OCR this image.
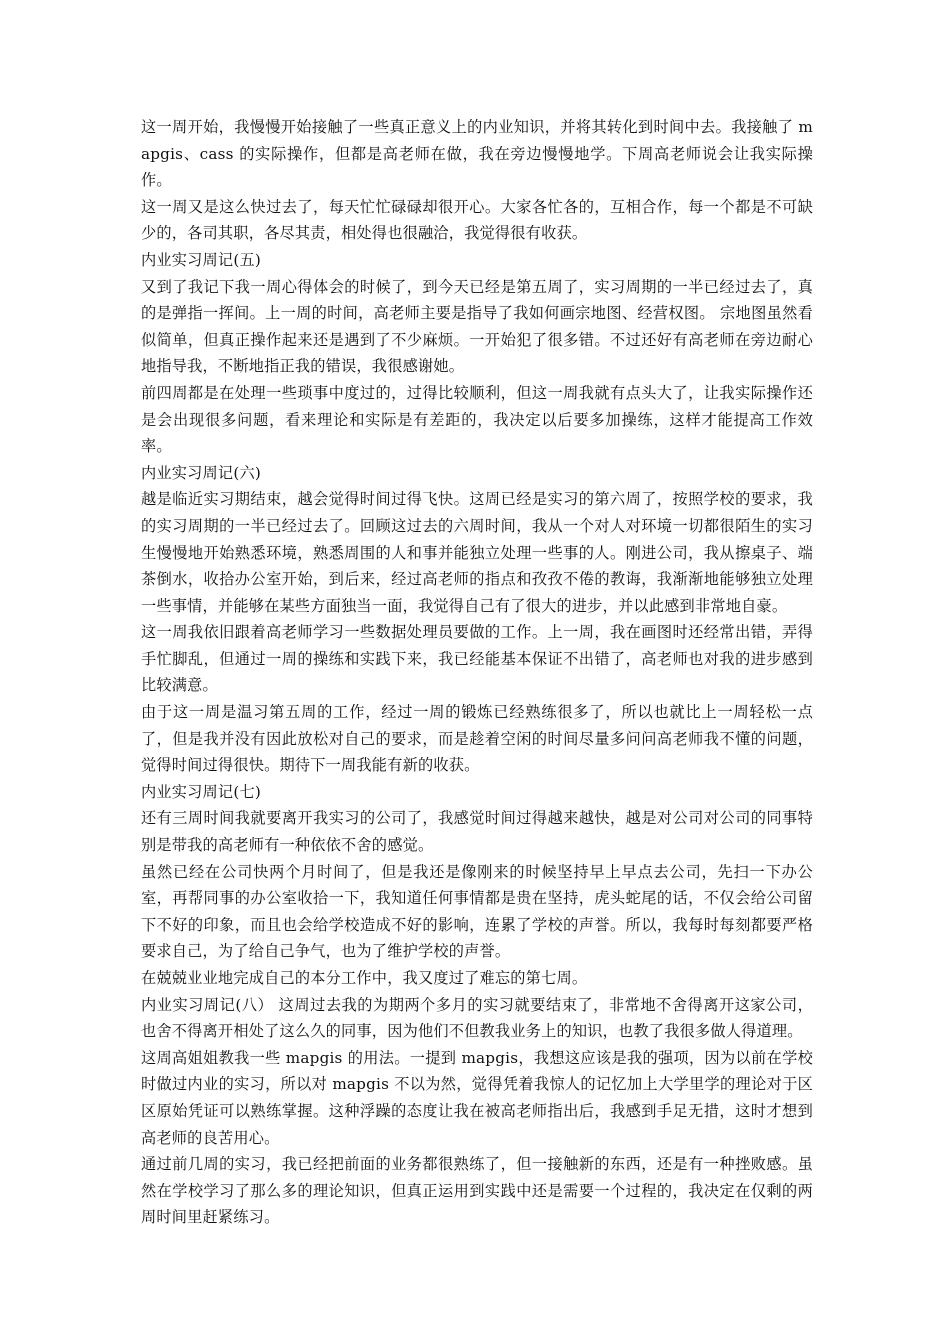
这一周开始，我慢慢开始接触了一些真正意义上的内业知识，并将其转化到时间中去。我接触了 mapgis、cass 的实际操作，但都是高老师在做，我在旁边慢慢地学。下周高老师说会让我实际操作。

这一周又是这么快过去了，每天忙忙碌碌却很开心。大家各忙各的，互相合作，每一个都是不可缺少的，各司其职，各尽其责，相处得也很融洽，我觉得很有收获。

内业实习周记(五)

又到了我记下我一周心得体会的时候了，到今天已经是第五周了，实习周期的一半已经过去了，真的是弹指一挥间。上一周的时间，高老师主要是指导了我如何画宗地图、经营权图。 宗地图虽然看似简单，但真正操作起来还是遇到了不少麻烦。一开始犯了很多错。不过还好有高老师在旁边耐心地指导我，不断地指正我的错误，我很感谢她。

前四周都是在处理一些琐事中度过的，过得比较顺利，但这一周我就有点头大了，让我实际操作还是会出现很多问题，看来理论和实际是有差距的，我决定以后要多加操练，这样才能提高工作效率。

内业实习周记(六)

越是临近实习期结束，越会觉得时间过得飞快。这周已经是实习的第六周了，按照学校的要求，我的实习周期的一半已经过去了。回顾这过去的六周时间，我从一个对人对环境一切都很陌生的实习生慢慢地开始熟悉环境，熟悉周围的人和事并能独立处理一些事的人。刚进公司，我从擦桌子、端茶倒水，收拾办公室开始，到后来，经过高老师的指点和孜孜不倦的教诲，我渐渐地能够独立处理一些事情，并能够在某些方面独当一面，我觉得自己有了很大的进步，并以此感到非常地自豪。

这一周我依旧跟着高老师学习一些数据处理员要做的工作。上一周，我在画图时还经常出错，弄得手忙脚乱，但通过一周的操练和实践下来，我已经能基本保证不出错了，高老师也对我的进步感到比较满意。

由于这一周是温习第五周的工作，经过一周的锻炼已经熟练很多了，所以也就比上一周轻松一点了，但是我并没有因此放松对自己的要求，而是趁着空闲的时间尽量多问问高老师我不懂的问题，觉得时间过得很快。期待下一周我能有新的收获。

内业实习周记(七)

还有三周时间我就要离开我实习的公司了，我感觉时间过得越来越快，越是对公司对公司的同事特别是带我的高老师有一种依依不舍的感觉。

虽然已经在公司快两个月时间了，但是我还是像刚来的时候坚持早上早点去公司，先扫一下办公室，再帮同事的办公室收拾一下，我知道任何事情都是贵在坚持，虎头蛇尾的话，不仅会给公司留下不好的印象，而且也会给学校造成不好的影响，连累了学校的声誉。所以，我每时每刻都要严格要求自己，为了给自己争气，也为了维护学校的声誉。

在兢兢业业地完成自己的本分工作中，我又度过了难忘的第七周。

内业实习周记(八） 这周过去我的为期两个多月的实习就要结束了，非常地不舍得离开这家公司，也舍不得离开相处了这么久的同事，因为他们不但教我业务上的知识，也教了我很多做人得道理。

这周高姐姐教我一些 mapgis 的用法。一提到 mapgis，我想这应该是我的强项，因为以前在学校时做过内业的实习，所以对 mapgis 不以为然，觉得凭着我惊人的记忆加上大学里学的理论对于区区原始凭证可以熟练掌握。这种浮躁的态度让我在被高老师指出后，我感到手足无措，这时才想到高老师的良苦用心。

通过前几周的实习，我已经把前面的业务都很熟练了，但一接触新的东西，还是有一种挫败感。虽然在学校学习了那么多的理论知识，但真正运用到实践中还是需要一个过程的，我决定在仅剩的两周时间里赶紧练习。
